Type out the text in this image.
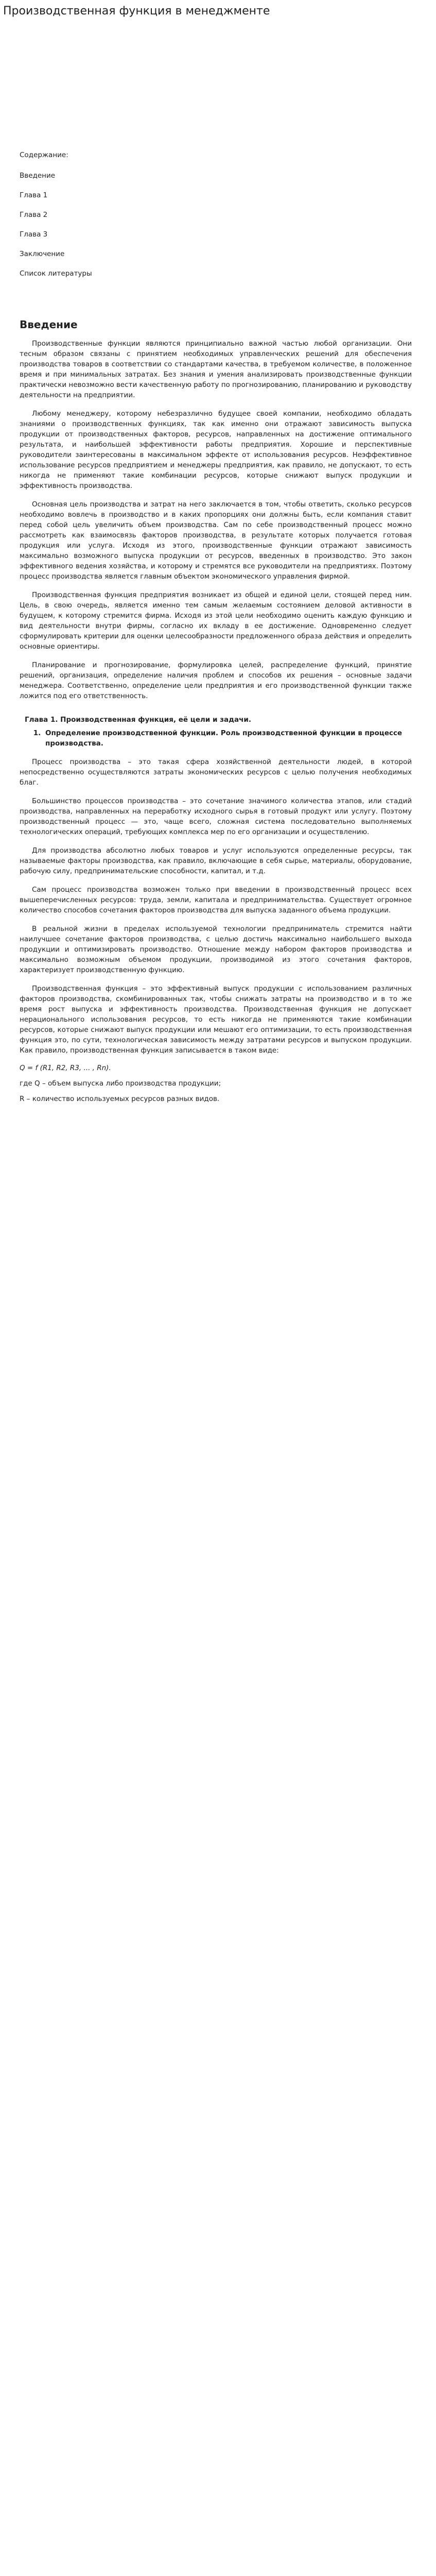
Производственная функция в менеджменте
Содержание:
Введение
Глава 1
Глава 2
Глава 3
Заключение
Список литературы
Введение

Производственные функции являются принципиально важной частью любой организации. Они тесным образом связаны с принятием необходимых управленческих решений для обеспечения производства товаров в соответствии со стандартами качества, в требуемом количестве, в положенное время и при минимальных затратах. Без знания и умения анализировать производственные функции практически невозможно вести качественную работу по прогнозированию, планированию и руководству деятельности на предприятии.

Любому менеджеру, которому небезразлично будущее своей компании, необходимо обладать знаниями о производственных функциях, так как именно они отражают зависимость выпуска продукции от производственных факторов, ресурсов, направленных на достижение оптимального результата, и наибольшей эффективности работы предприятия. Хорошие и перспективные руководители заинтересованы в максимальном эффекте от использования ресурсов. Неэффективное использование ресурсов предприятием и менеджеры предприятия, как правило, не допускают, то есть никогда не применяют такие комбинации ресурсов, которые снижают выпуск продукции и эффективность производства.

Основная цель производства и затрат на него заключается в том, чтобы ответить, сколько ресурсов необходимо вовлечь в производство и в каких пропорциях они должны быть, если компания ставит перед собой цель увеличить объем производства. Сам по себе производственный процесс можно рассмотреть как взаимосвязь факторов производства, в результате которых получается готовая продукция или услуга. Исходя из этого, производственные функции отражают зависимость максимально возможного выпуска продукции от ресурсов, введенных в производство. Это закон эффективного ведения хозяйства, и которому и стремятся все руководители на предприятиях. Поэтому процесс производства является главным объектом экономического управления фирмой.

Производственная функция предприятия возникает из общей и единой цели, стоящей перед ним. Цель, в свою очередь, является именно тем самым желаемым состоянием деловой активности в будущем, к которому стремится фирма. Исходя из этой цели необходимо оценить каждую функцию и вид деятельности внутри фирмы, согласно их вкладу в ее достижение. Одновременно следует сформулировать критерии для оценки целесообразности предложенного образа действия и определить основные ориентиры.

Планирование и прогнозирование, формулировка целей, распределение функций, принятие решений, организация, определение наличия проблем и способов их решения – основные задачи менеджера. Соответственно, определение цели предприятия и его производственной функции также ложится под его ответственность.

Глава 1. Производственная функция, её цели и задачи.
1. Определение производственной функции. Роль производственной функции в процессе производства.

Процесс производства – это такая сфера хозяйственной деятельности людей, в которой непосредственно осуществляются затраты экономических ресурсов с целью получения необходимых благ.

Большинство процессов производства – это сочетание значимого количества этапов, или стадий производства, направленных на переработку исходного сырья в готовый продукт или услугу. Поэтому производственный процесс — это, чаще всего, сложная система последовательно выполняемых технологических операций, требующих комплекса мер по его организации и осуществлению.

Для производства абсолютно любых товаров и услуг используются определенные ресурсы, так называемые факторы производства, как правило, включающие в себя сырье, материалы, оборудование, рабочую силу, предпринимательские способности, капитал, и т.д.

Сам процесс производства возможен только при введении в производственный процесс всех вышеперечисленных ресурсов: труда, земли, капитала и предпринимательства. Существует огромное количество способов сочетания факторов производства для выпуска заданного объема продукции.

В реальной жизни в пределах используемой технологии предприниматель стремится найти наилучшее сочетание факторов производства, с целью достичь максимально наибольшего выхода продукции и оптимизировать производство. Отношение между набором факторов производства и максимально возможным объемом продукции, производимой из этого сочетания факторов, характеризует производственную функцию.

Производственная функция – это эффективный выпуск продукции с использованием различных факторов производства, скомбинированных так, чтобы снижать затраты на производство и в то же время рост выпуска и эффективность производства. Производственная функция не допускает нерационального использования ресурсов, то есть никогда не применяются такие комбинации ресурсов, которые снижают выпуск продукции или мешают его оптимизации, то есть производственная функция это, по сути, технологическая зависимость между затратами ресурсов и выпуском продукции. Как правило, производственная функция записывается в таком виде:

Q = f (R1, R2, R3, ... , Rn).
где Q – объем выпуска либо производства продукции;
R – количество используемых ресурсов разных видов.
